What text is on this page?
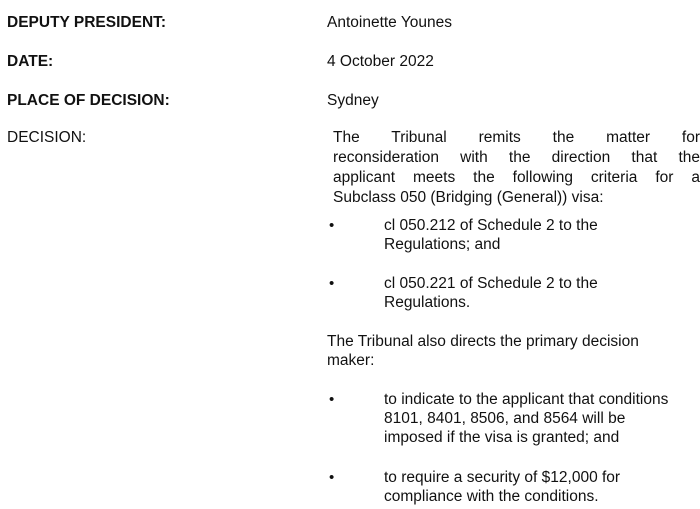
DEPUTY PRESIDENT:	Antoinette Younes
DATE:	4 October 2022
PLACE OF DECISION:	Sydney
DECISION:	The Tribunal remits the matter for
reconsideration with the direction that the
applicant meets the following criteria for a
Subclass 050 (Bridging (General)) visa:
•	cl 050.212 of Schedule 2 to the
Regulations; and
•	cl 050.221 of Schedule 2 to the
Regulations.
The Tribunal also directs the primary decision
maker:
•	to indicate to the applicant that conditions
8101, 8401, 8506, and 8564 will be
imposed if the visa is granted; and
•	to require a security of $12,000 for
compliance with the conditions.
